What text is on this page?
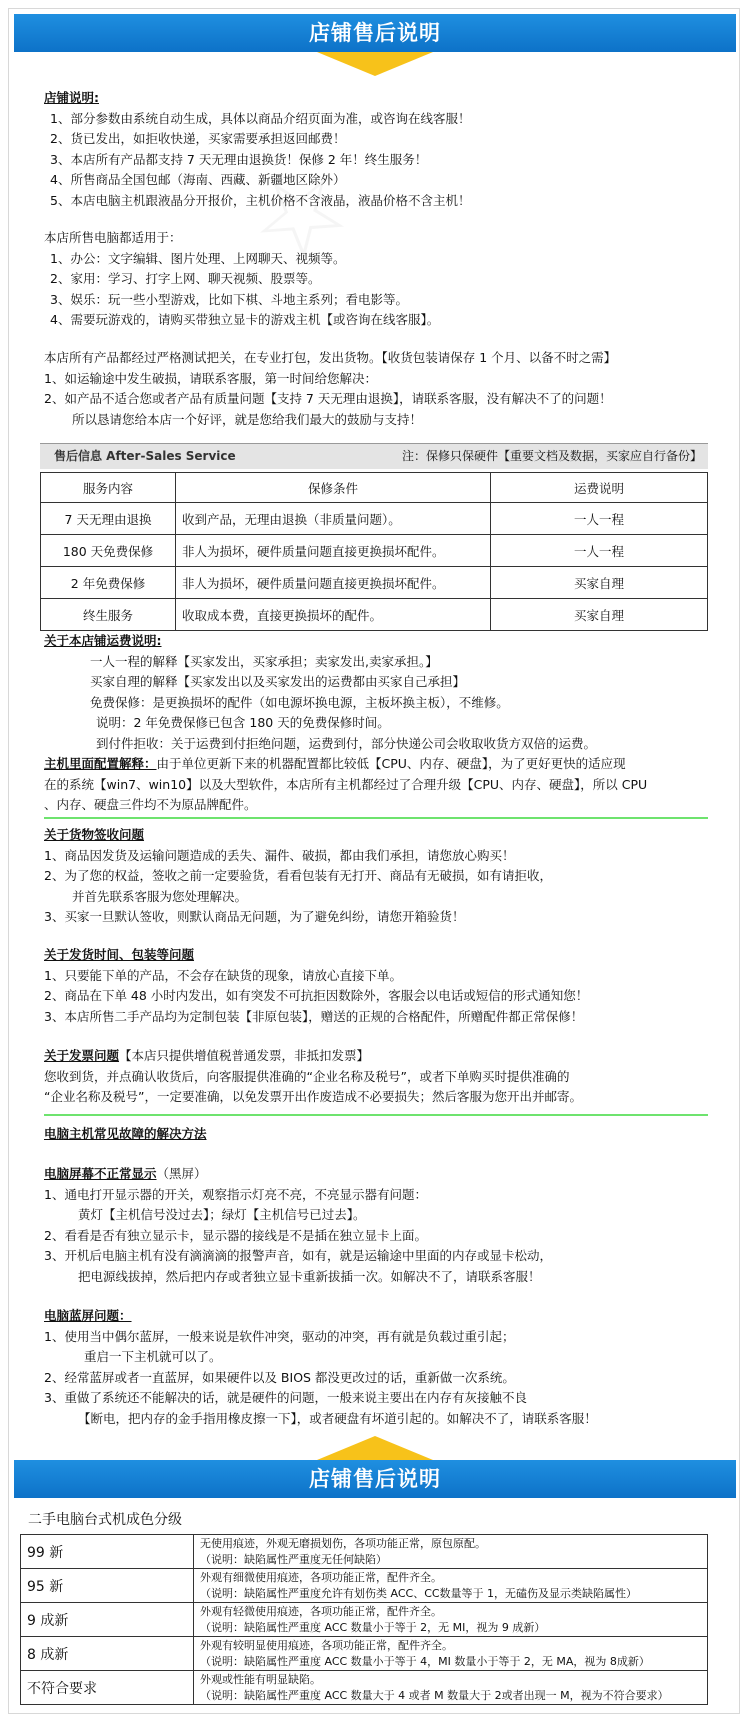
店铺售后说明

店铺说明:

1、部分参数由系统自动生成，具体以商品介绍页面为准，或咨询在线客服！

2、货已发出，如拒收快递，买家需要承担返回邮费！

3、本店所有产品都支持 7 天无理由退换货！保修 2 年！终生服务！

4、所售商品全国包邮（海南、西藏、新疆地区除外）

5、本店电脑主机跟液晶分开报价，主机价格不含液晶，液晶价格不含主机！

本店所售电脑都适用于：

1、办公：文字编辑、图片处理、上网聊天、视频等。

2、家用：学习、打字上网、聊天视频、股票等。

3、娱乐：玩一些小型游戏，比如下棋、斗地主系列；看电影等。

4、需要玩游戏的，请购买带独立显卡的游戏主机【或咨询在线客服】。

本店所有产品都经过严格测试把关，在专业打包，发出货物。【收货包装请保存 1 个月、以备不时之需】

1、如运输途中发生破损，请联系客服，第一时间给您解决：

2、如产品不适合您或者产品有质量问题【支持 7 天无理由退换】，请联系客服，没有解决不了的问题！

所以恳请您给本店一个好评，就是您给我们最大的鼓励与支持！

售后信息 After-Sales Service	注：保修只保硬件【重要文档及数据，买家应自行备份】
服务内容	保修条件	运费说明
7 天无理由退换	收到产品，无理由退换（非质量问题）。	一人一程
180 天免费保修	非人为损坏，硬件质量问题直接更换损坏配件。	一人一程
2 年免费保修	非人为损坏，硬件质量问题直接更换损坏配件。	买家自理
终生服务	收取成本费，直接更换损坏的配件。	买家自理

关于本店铺运费说明:

一人一程的解释【买家发出，买家承担；卖家发出,卖家承担。】

买家自理的解释【买家发出以及买家发出的运费都由买家自己承担】

免费保修：是更换损坏的配件（如电源坏换电源，主板坏换主板），不维修。

说明：2 年免费保修已包含 180 天的免费保修时间。

到付件拒收：关于运费到付拒绝问题，运费到付，部分快递公司会收取收货方双倍的运费。

主机里面配置解释：由于单位更新下来的机器配置都比较低【CPU、内存、硬盘】，为了更好更快的适应现

在的系统【win7、win10】以及大型软件，本店所有主机都经过了合理升级【CPU、内存、硬盘】，所以 CPU

、内存、硬盘三件均不为原品牌配件。

关于货物签收问题

1、商品因发货及运输问题造成的丢失、漏件、破损，都由我们承担，请您放心购买！

2、为了您的权益，签收之前一定要验货，看看包装有无打开、商品有无破损，如有请拒收，

并首先联系客服为您处理解决。

3、买家一旦默认签收，则默认商品无问题，为了避免纠纷，请您开箱验货！

关于发货时间、包装等问题

1、只要能下单的产品，不会存在缺货的现象，请放心直接下单。

2、商品在下单 48 小时内发出，如有突发不可抗拒因数除外，客服会以电话或短信的形式通知您！

3、本店所售二手产品均为定制包装【非原包装】，赠送的正规的合格配件，所赠配件都正常保修！

关于发票问题【本店只提供增值税普通发票，非抵扣发票】

您收到货，并点确认收货后，向客服提供准确的“企业名称及税号”，或者下单购买时提供准确的

“企业名称及税号”，一定要准确，以免发票开出作废造成不必要损失；然后客服为您开出并邮寄。

电脑主机常见故障的解决方法

电脑屏幕不正常显示（黑屏）

1、通电打开显示器的开关，观察指示灯亮不亮，不亮显示器有问题：

黄灯【主机信号没过去】；绿灯【主机信号已过去】。

2、看看是否有独立显示卡，显示器的接线是不是插在独立显卡上面。

3、开机后电脑主机有没有滴滴滴的报警声音，如有，就是运输途中里面的内存或显卡松动，

把电源线拔掉，然后把内存或者独立显卡重新拔插一次。如解决不了，请联系客服！

电脑蓝屏问题：

1、使用当中偶尔蓝屏，一般来说是软件冲突，驱动的冲突，再有就是负载过重引起；

重启一下主机就可以了。

2、经常蓝屏或者一直蓝屏，如果硬件以及 BIOS 都没更改过的话，重新做一次系统。

3、重做了系统还不能解决的话，就是硬件的问题，一般来说主要出在内存有灰接触不良

【断电，把内存的金手指用橡皮擦一下】，或者硬盘有坏道引起的。如解决不了，请联系客服！

店铺售后说明
二手电脑台式机成色分级
99 新	无使用痕迹，外观无磨损划伤，各项功能正常，原包原配。
（说明：缺陷属性严重度无任何缺陷）

95 新	外观有细微使用痕迹，各项功能正常，配件齐全。
（说明：缺陷属性严重度允许有划伤类 ACC、CC数量等于 1，无磕伤及显示类缺陷属性）

9 成新	外观有轻微使用痕迹，各项功能正常，配件齐全。
（说明：缺陷属性严重度 ACC 数量小于等于 2，无 MI，视为 9 成新）

8 成新	外观有较明显使用痕迹，各项功能正常，配件齐全。
（说明：缺陷属性严重度 ACC 数量小于等于 4，MI 数量小于等于 2，无 MA，视为 8成新）

不符合要求	外观或性能有明显缺陷。
（说明：缺陷属性严重度 ACC 数量大于 4 或者 M 数量大于 2或者出现一 M，视为不符合要求）
